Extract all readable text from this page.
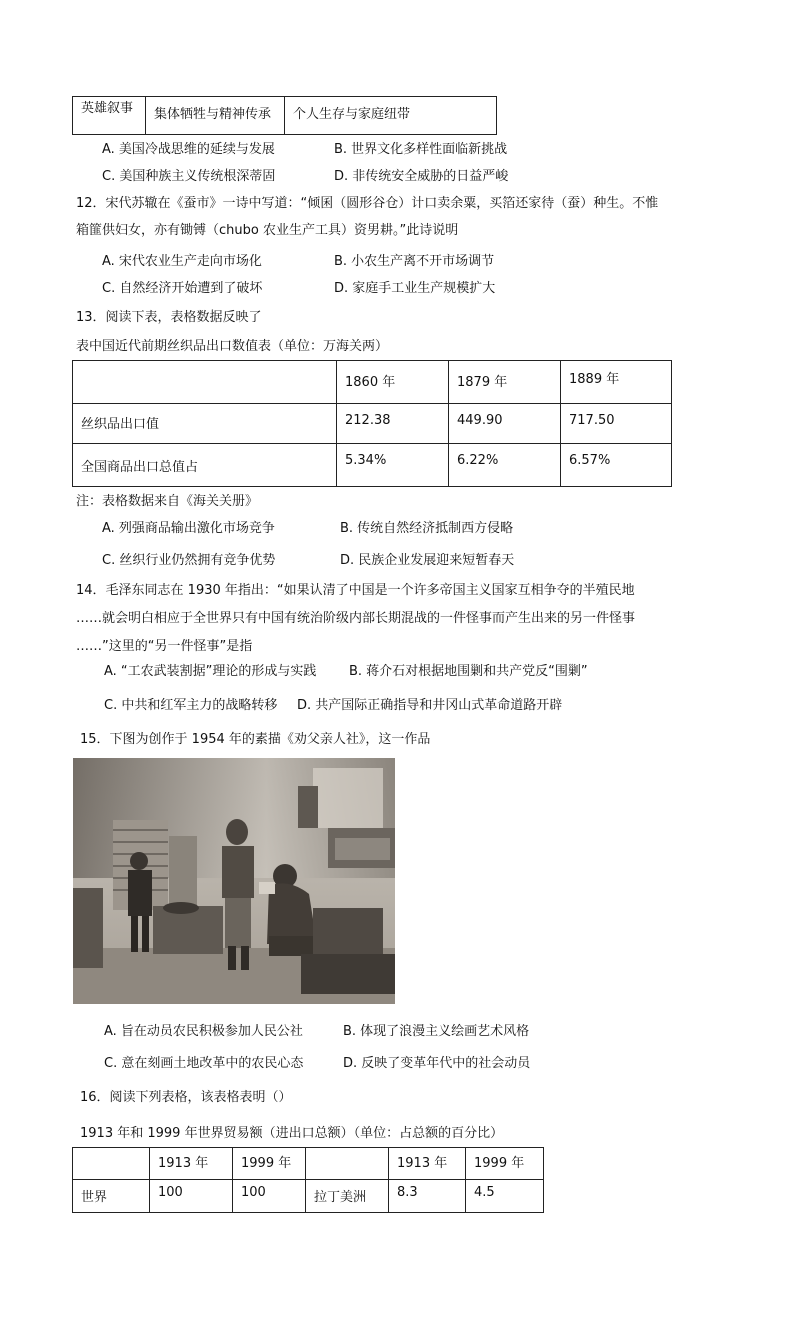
英雄叙事	集体牺牲与精神传承	个人生存与家庭纽带
A. 美国冷战思维的延续与发展	B. 世界文化多样性面临新挑战
C. 美国种族主义传统根深蒂固	D. 非传统安全威胁的日益严峻
12．宋代苏辙在《蚕市》一诗中写道：“倾囷（圆形谷仓）计口卖余粟，买箔还家待（蚕）种生。不惟
箱篚供妇女，亦有锄镈（chubo 农业生产工具）资男耕。”此诗说明
A. 宋代农业生产走向市场化	B. 小农生产离不开市场调节
C. 自然经济开始遭到了破坏	D. 家庭手工业生产规模扩大
13．阅读下表，表格数据反映了
表中国近代前期丝织品出口数值表（单位：万海关两）
	1860 年	1879 年	1889 年
丝织品出口值	212.38	449.90	717.50
全国商品出口总值占	5.34%	6.22%	6.57%
注：表格数据来自《海关关册》
A. 列强商品输出激化市场竞争	B. 传统自然经济抵制西方侵略
C. 丝织行业仍然拥有竞争优势	D. 民族企业发展迎来短暂春天
14．毛泽东同志在 1930 年指出：“如果认清了中国是一个许多帝国主义国家互相争夺的半殖民地
……就会明白相应于全世界只有中国有统治阶级内部长期混战的一件怪事而产生出来的另一件怪事
……”这里的“另一件怪事”是指
A. “工农武装割据”理论的形成与实践	B. 蒋介石对根据地围剿和共产党反“围剿”
C. 中共和红军主力的战略转移 D. 共产国际正确指导和井冈山式革命道路开辟
15．下图为创作于 1954 年的素描《劝父亲人社》，这一作品
A. 旨在动员农民积极参加人民公社	B. 体现了浪漫主义绘画艺术风格
C. 意在刻画土地改革中的农民心态	D. 反映了变革年代中的社会动员
16．阅读下列表格，该表格表明（）
1913 年和 1999 年世界贸易额（进出口总额）（单位：占总额的百分比）
	1913 年	1999 年		1913 年	1999 年
世界	100	100	拉丁美洲	8.3	4.5
